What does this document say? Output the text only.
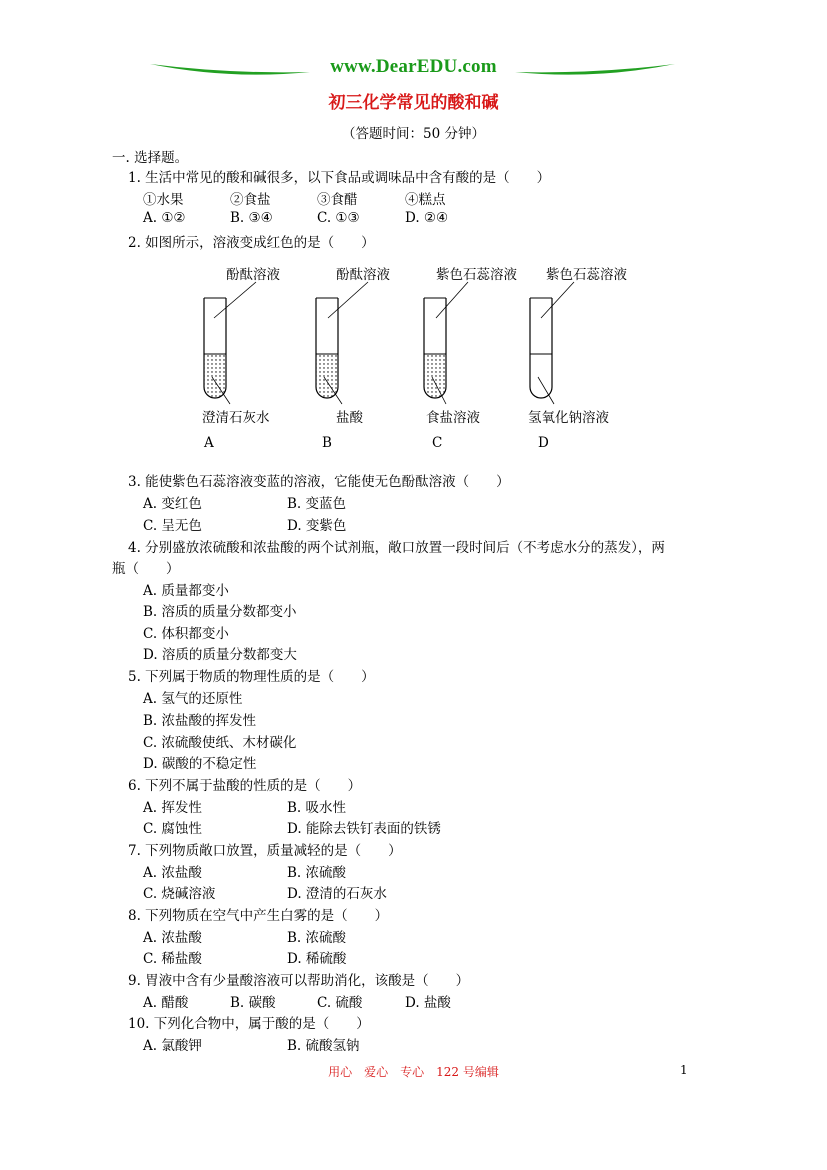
www.DearEDU.com
初三化学常见的酸和碱
（答题时间：50 分钟）
一. 选择题。
1. 生活中常见的酸和碱很多，以下食品或调味品中含有酸的是（　　）
①水果	②食盐	③食醋	④糕点
A. ①②	B. ③④	C. ①③	D. ②④
2. 如图所示，溶液变成红色的是（　　）
酚酞溶液
澄清石灰水
A
酚酞溶液
盐酸
B
紫色石蕊溶液
食盐溶液
C
紫色石蕊溶液
氢氧化钠溶液
D
3. 能使紫色石蕊溶液变蓝的溶液，它能使无色酚酞溶液（　　）
A. 变红色	B. 变蓝色
C. 呈无色	D. 变紫色
4. 分别盛放浓硫酸和浓盐酸的两个试剂瓶，敞口放置一段时间后（不考虑水分的蒸发），两
瓶（　　）
A. 质量都变小
B. 溶质的质量分数都变小
C. 体积都变小
D. 溶质的质量分数都变大
5. 下列属于物质的物理性质的是（　　）
A. 氢气的还原性
B. 浓盐酸的挥发性
C. 浓硫酸使纸、木材碳化
D. 碳酸的不稳定性
6. 下列不属于盐酸的性质的是（　　）
A. 挥发性	B. 吸水性
C. 腐蚀性	D. 能除去铁钉表面的铁锈
7. 下列物质敞口放置，质量减轻的是（　　）
A. 浓盐酸	B. 浓硫酸
C. 烧碱溶液	D. 澄清的石灰水
8. 下列物质在空气中产生白雾的是（　　）
A. 浓盐酸	B. 浓硫酸
C. 稀盐酸	D. 稀硫酸
9. 胃液中含有少量酸溶液可以帮助消化，该酸是（　　）
A. 醋酸	B. 碳酸	C. 硫酸	D. 盐酸
10. 下列化合物中，属于酸的是（　　）
A. 氯酸钾	B. 硫酸氢钠
用心　爱心　专心　122 号编辑	1
